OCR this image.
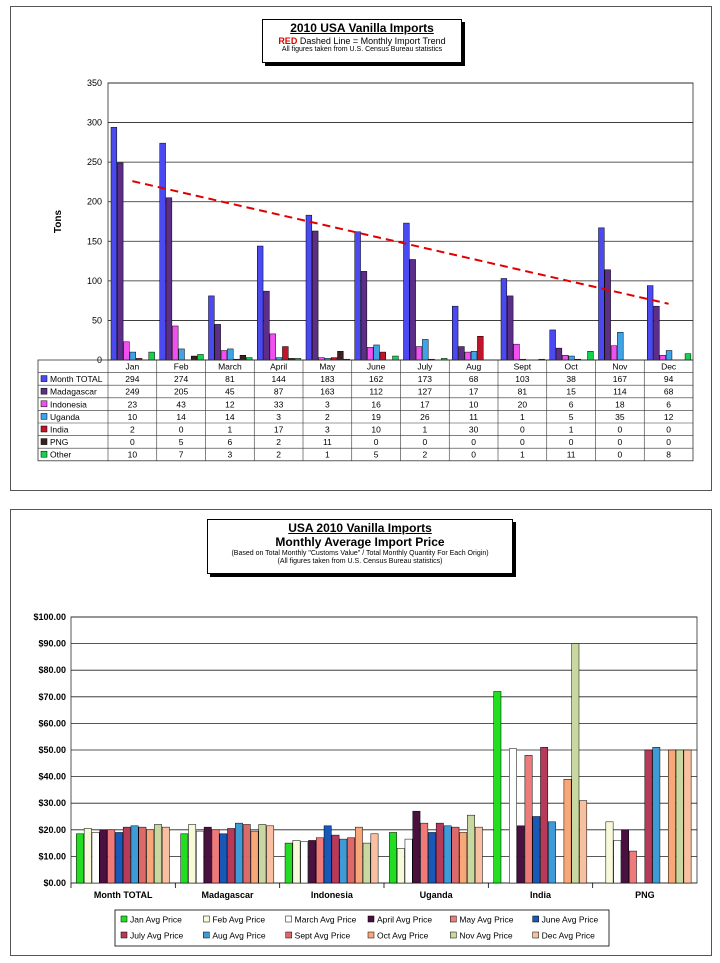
2010 USA Vanilla Imports
RED Dashed Line = Monthly Import Trend
All figures taken from U.S. Census Bureau statistics
0
50
100
150
200
250
300
350
Tons
Jan	Feb	March	April	May	June	July	Aug	Sept	Oct	Nov	Dec
Month TOTAL	294	274	81	144	183	162	173	68	103	38	167	94
Madagascar	249	205	45	87	163	112	127	17	81	15	114	68
Indonesia	23	43	12	33	3	16	17	10	20	6	18	6
Uganda	10	14	14	3	2	19	26	11	1	5	35	12
India	2	0	1	17	3	10	1	30	0	1	0	0
PNG	0	5	6	2	11	0	0	0	0	0	0	0
Other	10	7	3	2	1	5	2	0	1	11	0	8
USA 2010 Vanilla Imports
Monthly Average Import Price
(Based on Total Monthly "Customs Value" / Total Monthly Quantity For Each Origin)
(All figures taken from U.S. Census Bureau statistics)
$0.00
$10.00
$20.00
$30.00
$40.00
$50.00
$60.00
$70.00
$80.00
$90.00
$100.00
Month TOTAL	Madagascar	Indonesia	Uganda	India	PNG
Jan Avg Price	Feb Avg Price	March Avg Price April Avg Price	May Avg Price	June Avg Price
July Avg Price	Aug Avg Price	Sept Avg Price	Oct Avg Price	Nov Avg Price	Dec Avg Price
